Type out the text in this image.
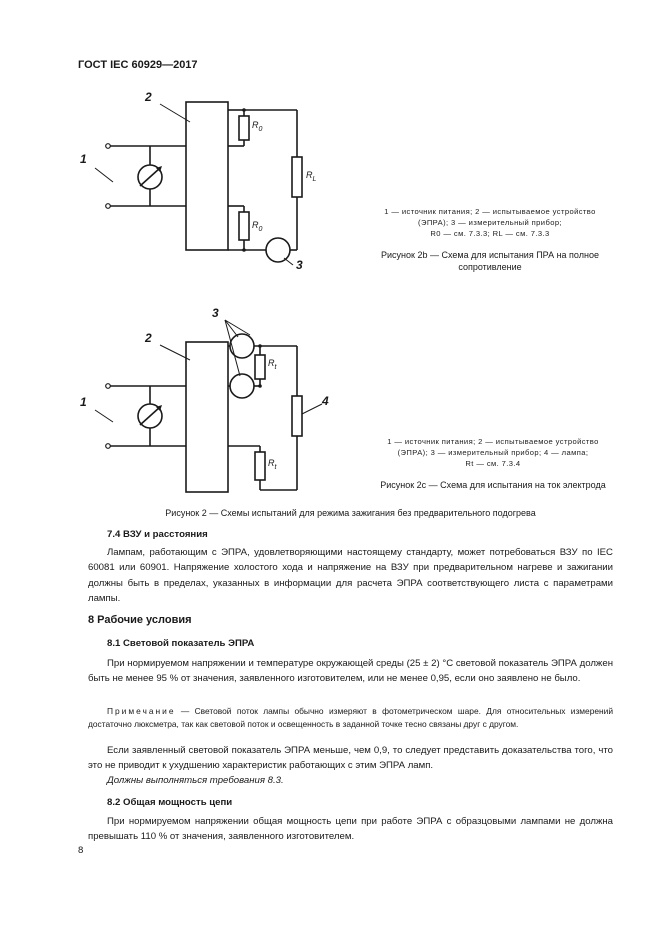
ГОСТ IEC 60929—2017
2
1
3
$R_0$
$R_0$
$R_L$
1 — источник питания; 2 — испытываемое устройство
(ЭПРА); 3 — измерительный прибор;
R0 — см. 7.3.3; RL — см. 7.3.3
Рисунок 2b — Схема для испытания ПРА на полное сопротивление
2
1
3
4
$R_t$
$R_t$
1 — источник питания; 2 — испытываемое устройство
(ЭПРА); 3 — измерительный прибор; 4 — лампа;
Rt — см. 7.3.4
Рисунок 2c — Схема для испытания на ток электрода
Рисунок 2 — Схемы испытаний для режима зажигания без предварительного подогрева
7.4 ВЗУ и расстояния
Лампам, работающим с ЭПРА, удовлетворяющими настоящему стандарту, может потребоваться ВЗУ по IEC 60081 или 60901. Напряжение холостого хода и напряжение на ВЗУ при предварительном нагреве и зажигании должны быть в пределах, указанных в информации для расчета ЭПРА соответствующего листа с параметрами лампы.
8 Рабочие условия
8.1 Световой показатель ЭПРА
При нормируемом напряжении и температуре окружающей среды (25 ± 2) °С световой показатель ЭПРА должен быть не менее 95 % от значения, заявленного изготовителем, или не менее 0,95, если оно заявлено не было.
Примечание — Световой поток лампы обычно измеряют в фотометрическом шаре. Для относительных измерений достаточно люксметра, так как световой поток и освещенность в заданной точке тесно связаны друг с другом.
Если заявленный световой показатель ЭПРА меньше, чем 0,9, то следует представить доказательства того, что это не приводит к ухудшению характеристик работающих с этим ЭПРА ламп.
Должны выполняться требования 8.3.
8.2 Общая мощность цепи
При нормируемом напряжении общая мощность цепи при работе ЭПРА с образцовыми лампами не должна превышать 110 % от значения, заявленного изготовителем.
8
